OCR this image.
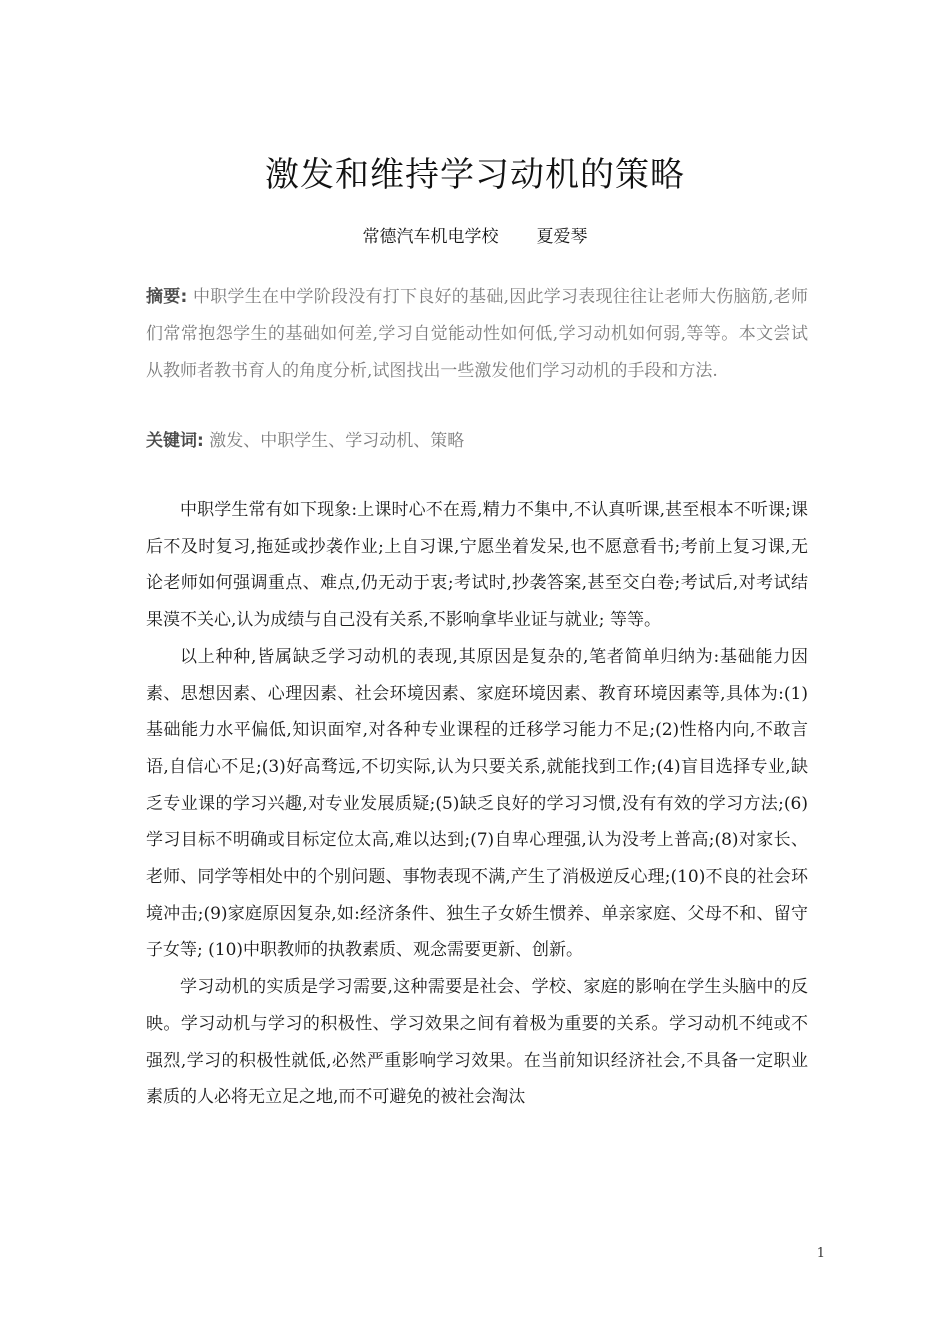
激发和维持学习动机的策略
常德汽车机电学校 夏爱琴

摘要: 中职学生在中学阶段没有打下良好的基础,因此学习表现往往让老师大伤脑筋,老师们常常抱怨学生的基础如何差,学习自觉能动性如何低,学习动机如何弱,等等。本文尝试从教师者教书育人的角度分析,试图找出一些激发他们学习动机的手段和方法.

关键词: 激发、中职学生、学习动机、策略

中职学生常有如下现象:上课时心不在焉,精力不集中,不认真听课,甚至根本不听课;课后不及时复习,拖延或抄袭作业;上自习课,宁愿坐着发呆,也不愿意看书;考前上复习课,无论老师如何强调重点、难点,仍无动于衷;考试时,抄袭答案,甚至交白卷;考试后,对考试结果漠不关心,认为成绩与自己没有关系,不影响拿毕业证与就业; 等等。

以上种种,皆属缺乏学习动机的表现,其原因是复杂的,笔者简单归纳为:基础能力因素、思想因素、心理因素、社会环境因素、家庭环境因素、教育环境因素等,具体为:(1)基础能力水平偏低,知识面窄,对各种专业课程的迁移学习能力不足;(2)性格内向,不敢言语,自信心不足;(3)好高骛远,不切实际,认为只要关系,就能找到工作;(4)盲目选择专业,缺乏专业课的学习兴趣,对专业发展质疑;(5)缺乏良好的学习习惯,没有有效的学习方法;(6)学习目标不明确或目标定位太高,难以达到;(7)自卑心理强,认为没考上普高;(8)对家长、老师、同学等相处中的个别问题、事物表现不满,产生了消极逆反心理;(10)不良的社会环境冲击;(9)家庭原因复杂,如:经济条件、独生子女娇生惯养、单亲家庭、父母不和、留守子女等; (10)中职教师的执教素质、观念需要更新、创新。

学习动机的实质是学习需要,这种需要是社会、学校、家庭的影响在学生头脑中的反映。学习动机与学习的积极性、学习效果之间有着极为重要的关系。学习动机不纯或不强烈,学习的积极性就低,必然严重影响学习效果。在当前知识经济社会,不具备一定职业素质的人必将无立足之地,而不可避免的被社会淘汰

1
